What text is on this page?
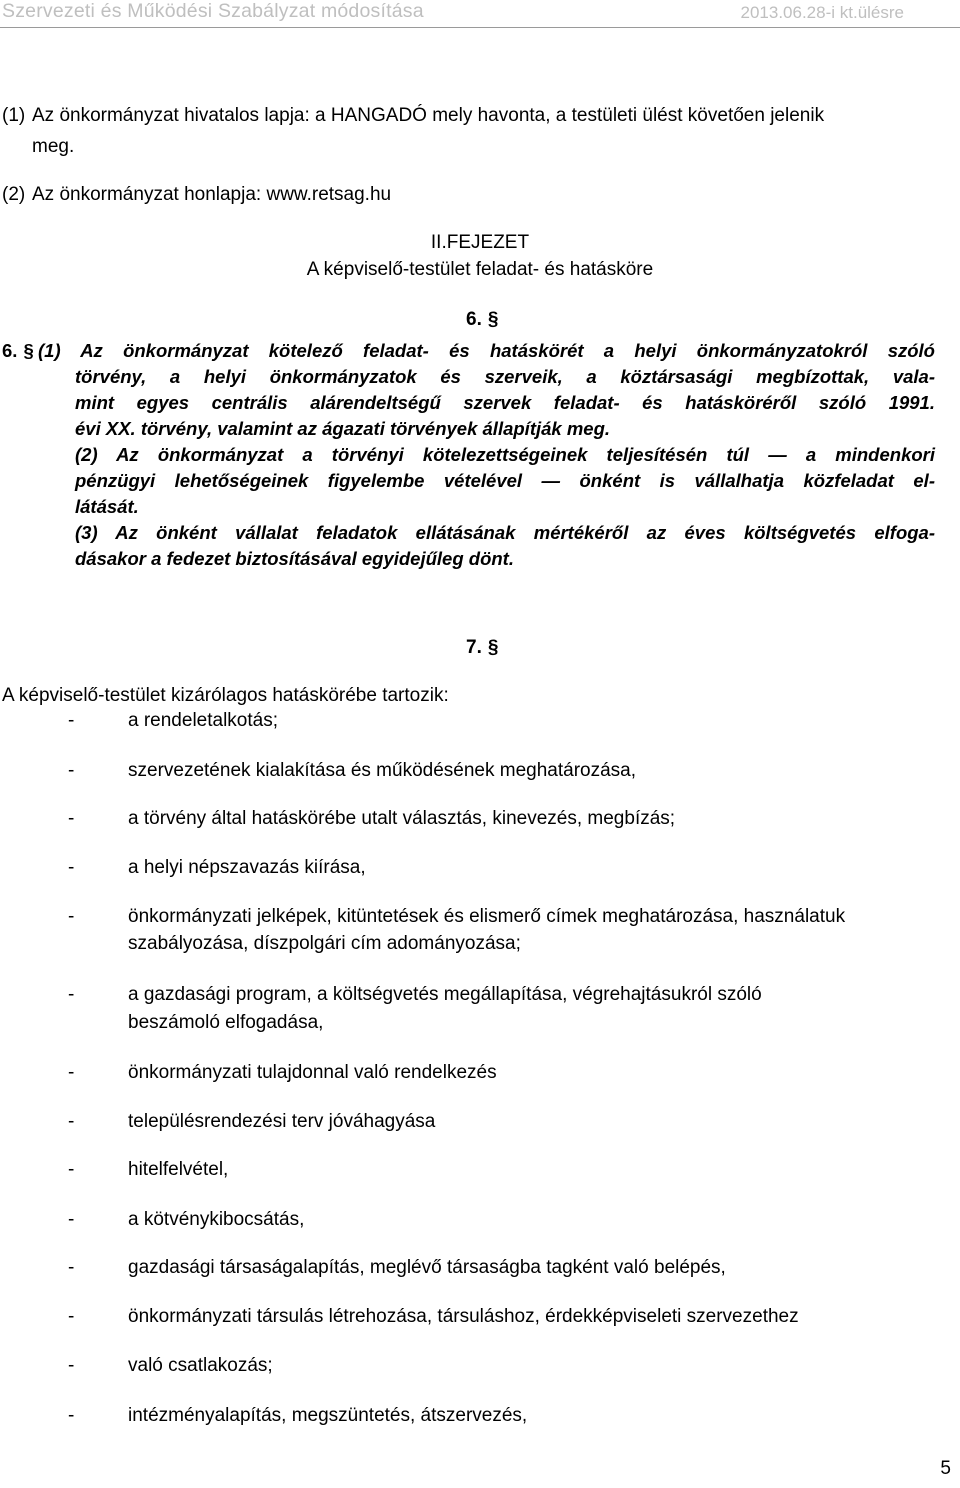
Szervezeti és Működési Szabályzat módosítása	2013.06.28-i kt.ülésre
(1) Az önkormányzat hivatalos lapja: a HANGADÓ mely havonta, a testületi ülést követően jelenik
meg.
(2) Az önkormányzat honlapja: www.retsag.hu
II.FEJEZET
A képviselő-testület feladat- és hatásköre
6. §
6. § (1) Az önkormányzat kötelező feladat- és hatáskörét a helyi önkormányzatokról szóló
törvény, a helyi önkormányzatok és szerveik, a köztársasági megbízottak, vala-
mint egyes centrális alárendeltségű szervek feladat- és hatásköréről szóló 1991.
évi XX. törvény, valamint az ágazati törvények állapítják meg.
(2) Az önkormányzat a törvényi kötelezettségeinek teljesítésén túl — a mindenkori
pénzügyi lehetőségeinek figyelembe vételével — önként is vállalhatja közfeladat el-
látását.
(3) Az önként vállalat feladatok ellátásának mértékéről az éves költségvetés elfoga-
dásakor a fedezet biztosításával egyidejűleg dönt.
7. §
A képviselő-testület kizárólagos hatáskörébe tartozik:
-	a rendeletalkotás;
-	szervezetének kialakítása és működésének meghatározása,
-	a törvény által hatáskörébe utalt választás, kinevezés, megbízás;
-	a helyi népszavazás kiírása,
-	önkormányzati jelképek, kitüntetések és elismerő címek meghatározása, használatuk
szabályozása, díszpolgári cím adományozása;
-	a gazdasági program, a költségvetés megállapítása, végrehajtásukról szóló
beszámoló elfogadása,
-	önkormányzati tulajdonnal való rendelkezés
-	településrendezési terv jóváhagyása
-	hitelfelvétel,
-	a kötvénykibocsátás,
-	gazdasági társaságalapítás, meglévő társaságba tagként való belépés,
-	önkormányzati társulás létrehozása, társuláshoz, érdekképviseleti szervezethez
-	való csatlakozás;
-	intézményalapítás, megszüntetés, átszervezés,
5
